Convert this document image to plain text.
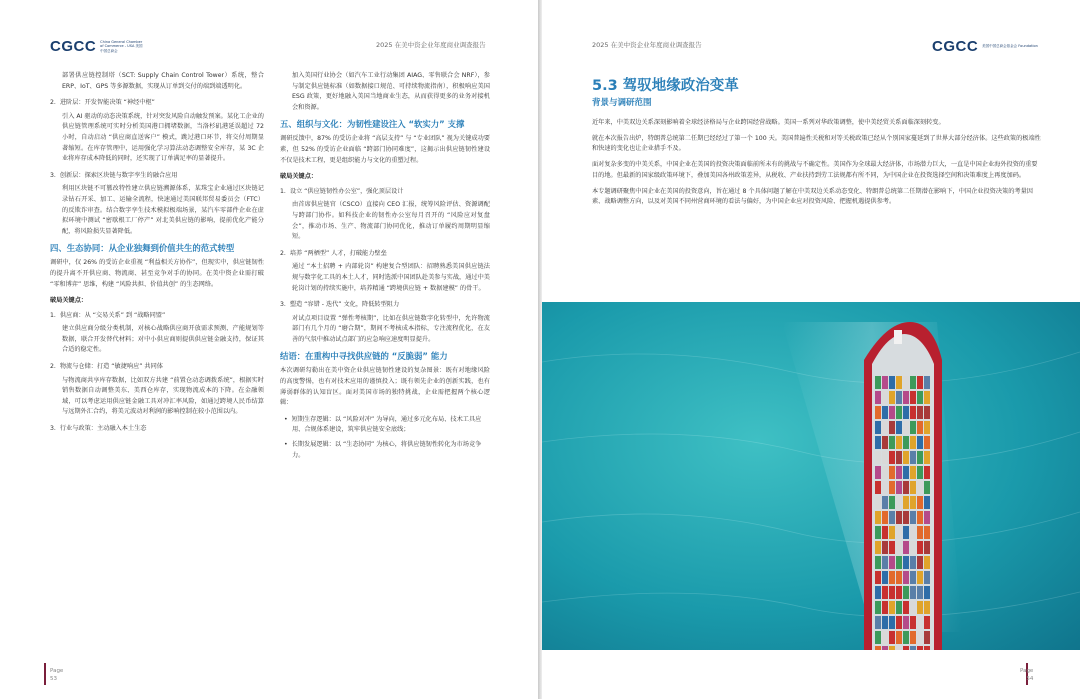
CGCC China General Chamber of Commerce - USA 美国中国总商会
2025 在美中资企业年度商业调查报告

部署供应链控制塔（SCT: Supply Chain Control Tower）系统，整合 ERP、IoT、GPS 等多源数据，实现从订单到交付的端到端透明化。

2.  进阶层：开发智能决策 “神经中枢”

引入 AI 驱动的动态决策系统，针对突发风险自动触发预案。某化工企业的供应链管理系统可实时分析美国港口拥堵数据，当洛杉矶港延误超过 72 小时，自动启动 “供应商直送客户” 模式，跳过港口环节，将交付周期显著缩短。在库存管理中，运用强化学习算法动态调整安全库存，某 3C 企业将库存成本降低的同时，还实现了订单满足率的显著提升。

3.  创新层：探索区块链与数字孪生的融合应用

利用区块链不可篡改特性建立供应链溯源体系，某珠宝企业通过区块链记录钻石开采、加工、运输全流程，快速通过美国联邦贸易委员会（FTC）的反欺诈审查。结合数字孪生技术模拟极端场景，某汽车零部件企业在虚拟环境中测试 “密歇根工厂停产” 对北美供应链的影响，提前优化产能分配，将风险损失显著降低。

四、生态协同：从企业独舞到价值共生的范式转型

调研中，仅 26% 的受访企业重视 “利益相关方协作”，但现实中，供应链韧性的提升离不开供应商、物流商、甚至竞争对手的协同。在美中资企业需打破 “零和博弈” 思维，构建 “风险共担、价值共创” 的生态网络。

破局关键点：
1.  供应商：从 “交易关系” 到 “战略同盟”

建立供应商分级分类机制，对核心战略供应商开放需求预测、产能规划等数据，联合开发替代材料；对中小供应商则提供供应链金融支持，保证其合适的稳定性。

2.  物流与仓储：打造 “敏捷响应” 共同体

与物流商共享库存数据，比如双方共建 “前置仓动态调拨系统”，根据实时销售数据自动调整美东、美西仓库存，实现物流成本的下降。在金融领域，可以考虑运用供应链金融工具对冲汇率风险，如通过跨境人民币结算与远期外汇合约，将美元波动对利润的影响控制在较小范围以内。

3.  行业与政策：主动融入本土生态

加入美国行业协会（如汽车工业行动集团 AIAG、零售联合会 NRF），参与制定供应链标准（如数据接口规范、可持续物流指南），积极响应美国 ESG 政策，更好地融入美国当地商业生态，从而获得更多的业务对接机会和资源。

五、组织与文化：为韧性建设注入 “软实力” 支撑

调研反馈中，87% 的受访企业将 “高层支持” 与 “专业团队” 视为关键成功要素，但 52% 的受访企业面临 “跨部门协同难度”，这揭示出供应链韧性建设不仅是技术工程，更是组织能力与文化的重塑过程。

破局关键点：
1.  设立 “供应链韧性办公室”，强化顶层设计

由首席供应链官（CSCO）直接向 CEO 汇报，统筹风险评估、资源调配与跨部门协作。如科技企业的韧性办公室每月召开的 “风险应对复盘会”，推动市场、生产、物流部门协同优化，推动订单履约周期明显缩短。

2.  培养 “两栖型” 人才，打破能力壁垒

通过 “本土招聘 + 内部轮岗” 构建复合型团队：招聘熟悉美国供应链法规与数字化工具的本土人才，同时选派中国团队赴美参与实战，通过中美轮岗计划的持续实施中，培养精通 “跨境供应链 + 数据建模” 的骨干。

3.  塑造 “容错 - 迭代” 文化，降低转型阻力

对试点项目设置 “弹性考核期”，比如在供应链数字化转型中，允许物流部门有几个月的 “磨合期”，期间不考核成本指标，专注流程优化，在友善的气氛中推动试点部门的应急响应速度明显提升。

结语：在重构中寻找供应链的 “反脆弱” 能力

本次调研勾勒出在美中资企业供应链韧性建设的复杂图景：既有对地缘风险的高度警惕，也有对技术应用的谨慎投入；既有领先企业的创新实践，也有薄弱群体的认知盲区。面对美国市场的独特挑战，企业需把握两个核心逻辑：

•  短期生存逻辑：以 “风险对冲” 为导向，通过多元化布局、技术工具应用、合规体系建设，筑牢供应链安全底线；
•  长期发展逻辑：以 “生态协同” 为核心，将供应链韧性转化为市场竞争力。
Page
53
2025 在美中资企业年度商业调查报告	CGCC 美国中国总商会基金会 Foundation
5.3 驾驭地缘政治变革
背景与调研范围

近年来，中美双边关系深刻影响着全球经济格局与企业跨国经营战略。美国一系列对华政策调整，使中美经贸关系面临深刻转变。

就在本次报告出炉，特朗普总统第二任期已经经过了第一个 100 天。美国普遍性关税和对等关税政策已经从个别国家蔓延到了世界大部分经济体。这些政策的极端性和快速的变化也让企业措手不及。

面对复杂多变的中美关系，中国企业在美国的投资决策面临前所未有的挑战与不确定性。美国作为全球最大经济体，市场潜力巨大，一直是中国企业海外投资的重要目的地。但最新的国家级政策环境下，叠加美国各州政策差异，从税收、产业扶持到劳工法规都有所不同，为中国企业在投资选择空间和决策难度上再度加码。

本专题调研聚焦中国企业在美国的投资意向，旨在通过 8 个具体问题了解在中美双边关系动态变化、特朗普总统第二任期潜在影响下，中国企业投资决策的考量因素、战略调整方向，以及对美国不同州营商环境的看法与偏好，为中国企业应对投资风险、把握机遇提供参考。

Page
54
